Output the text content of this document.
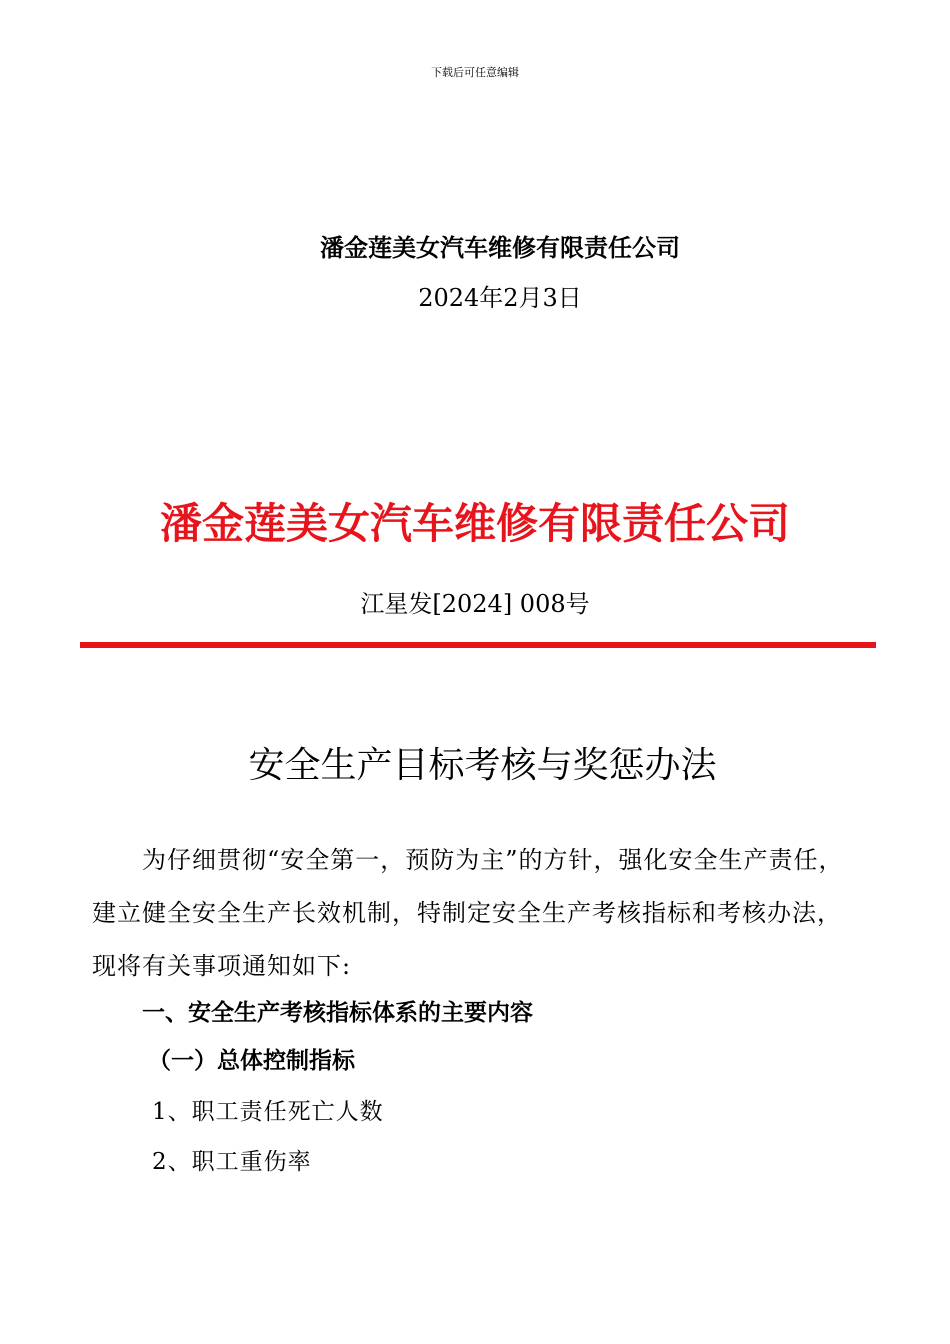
下载后可任意编辑
潘金莲美女汽车维修有限责任公司
2024年2月3日
潘金莲美女汽车维修有限责任公司
江星发[2024] 008号
安全生产目标考核与奖惩办法
为仔细贯彻“安全第一，预防为主”的方针，强化安全生产责任，
建立健全安全生产长效机制，特制定安全生产考核指标和考核办法，
现将有关事项通知如下:
一、安全生产考核指标体系的主要内容
（一）总体控制指标
1、职工责任死亡人数
2、职工重伤率
